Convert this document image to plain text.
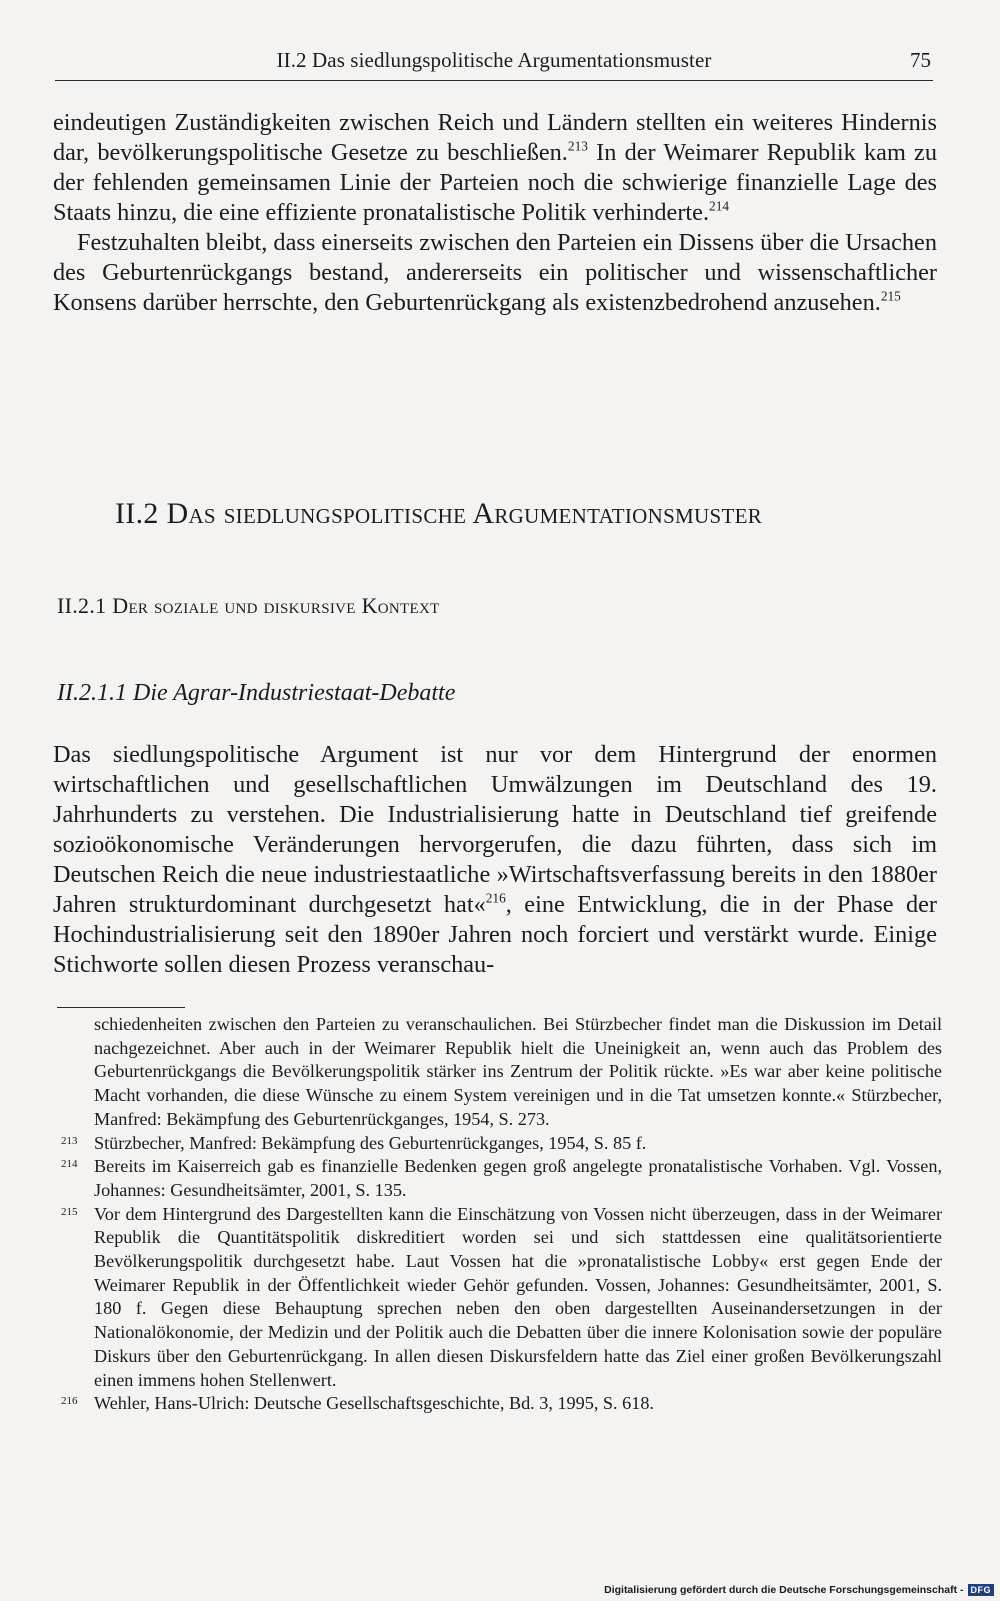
II.2 Das siedlungspolitische Argumentationsmuster	75

eindeutigen Zuständigkeiten zwischen Reich und Ländern stellten ein weiteres Hindernis dar, bevölkerungspolitische Gesetze zu beschließen.$^{213}$ In der Weimarer Republik kam zu der fehlenden gemeinsamen Linie der Parteien noch die schwierige finanzielle Lage des Staats hinzu, die eine effiziente pronatalistische Politik verhinderte.$^{214}$

Festzuhalten bleibt, dass einerseits zwischen den Parteien ein Dissens über die Ursachen des Geburtenrückgangs bestand, andererseits ein politischer und wissenschaftlicher Konsens darüber herrschte, den Geburtenrückgang als existenzbedrohend anzusehen.$^{215}$

II.2 Das siedlungspolitische Argumentationsmuster
II.2.1 Der soziale und diskursive Kontext
II.2.1.1 Die Agrar-Industriestaat-Debatte

Das siedlungspolitische Argument ist nur vor dem Hintergrund der enormen wirtschaftlichen und gesellschaftlichen Umwälzungen im Deutschland des 19. Jahrhunderts zu verstehen. Die Industrialisierung hatte in Deutschland tief greifende sozioökonomische Veränderungen hervorgerufen, die dazu führten, dass sich im Deutschen Reich die neue industriestaatliche »Wirtschaftsverfassung bereits in den 1880er Jahren strukturdominant durchgesetzt hat«$^{216}$, eine Entwicklung, die in der Phase der Hochindustrialisierung seit den 1890er Jahren noch forciert und verstärkt wurde. Einige Stichworte sollen diesen Prozess veranschau-

schiedenheiten zwischen den Parteien zu veranschaulichen. Bei Stürzbecher findet man die Diskussion im Detail nachgezeichnet. Aber auch in der Weimarer Republik hielt die Uneinigkeit an, wenn auch das Problem des Geburtenrückgangs die Bevölkerungspolitik stärker ins Zentrum der Politik rückte. »Es war aber keine politische Macht vorhanden, die diese Wünsche zu einem System vereinigen und in die Tat umsetzen konnte.« Stürzbecher, Manfred: Bekämpfung des Geburtenrückganges, 1954, S. 273.

213 Stürzbecher, Manfred: Bekämpfung des Geburtenrückganges, 1954, S. 85 f.

214 Bereits im Kaiserreich gab es finanzielle Bedenken gegen groß angelegte pronatalistische Vorhaben. Vgl. Vossen, Johannes: Gesundheitsämter, 2001, S. 135.

215 Vor dem Hintergrund des Dargestellten kann die Einschätzung von Vossen nicht überzeugen, dass in der Weimarer Republik die Quantitätspolitik diskreditiert worden sei und sich stattdessen eine qualitätsorientierte Bevölkerungspolitik durchgesetzt habe. Laut Vossen hat die »pronatalistische Lobby« erst gegen Ende der Weimarer Republik in der Öffentlichkeit wieder Gehör gefunden. Vossen, Johannes: Gesundheitsämter, 2001, S. 180 f. Gegen diese Behauptung sprechen neben den oben dargestellten Auseinandersetzungen in der Nationalökonomie, der Medizin und der Politik auch die Debatten über die innere Kolonisation sowie der populäre Diskurs über den Geburtenrückgang. In allen diesen Diskursfeldern hatte das Ziel einer großen Bevölkerungszahl einen immens hohen Stellenwert.

216 Wehler, Hans-Ulrich: Deutsche Gesellschaftsgeschichte, Bd. 3, 1995, S. 618.

Digitalisierung gefördert durch die Deutsche Forschungsgemeinschaft - DFG
